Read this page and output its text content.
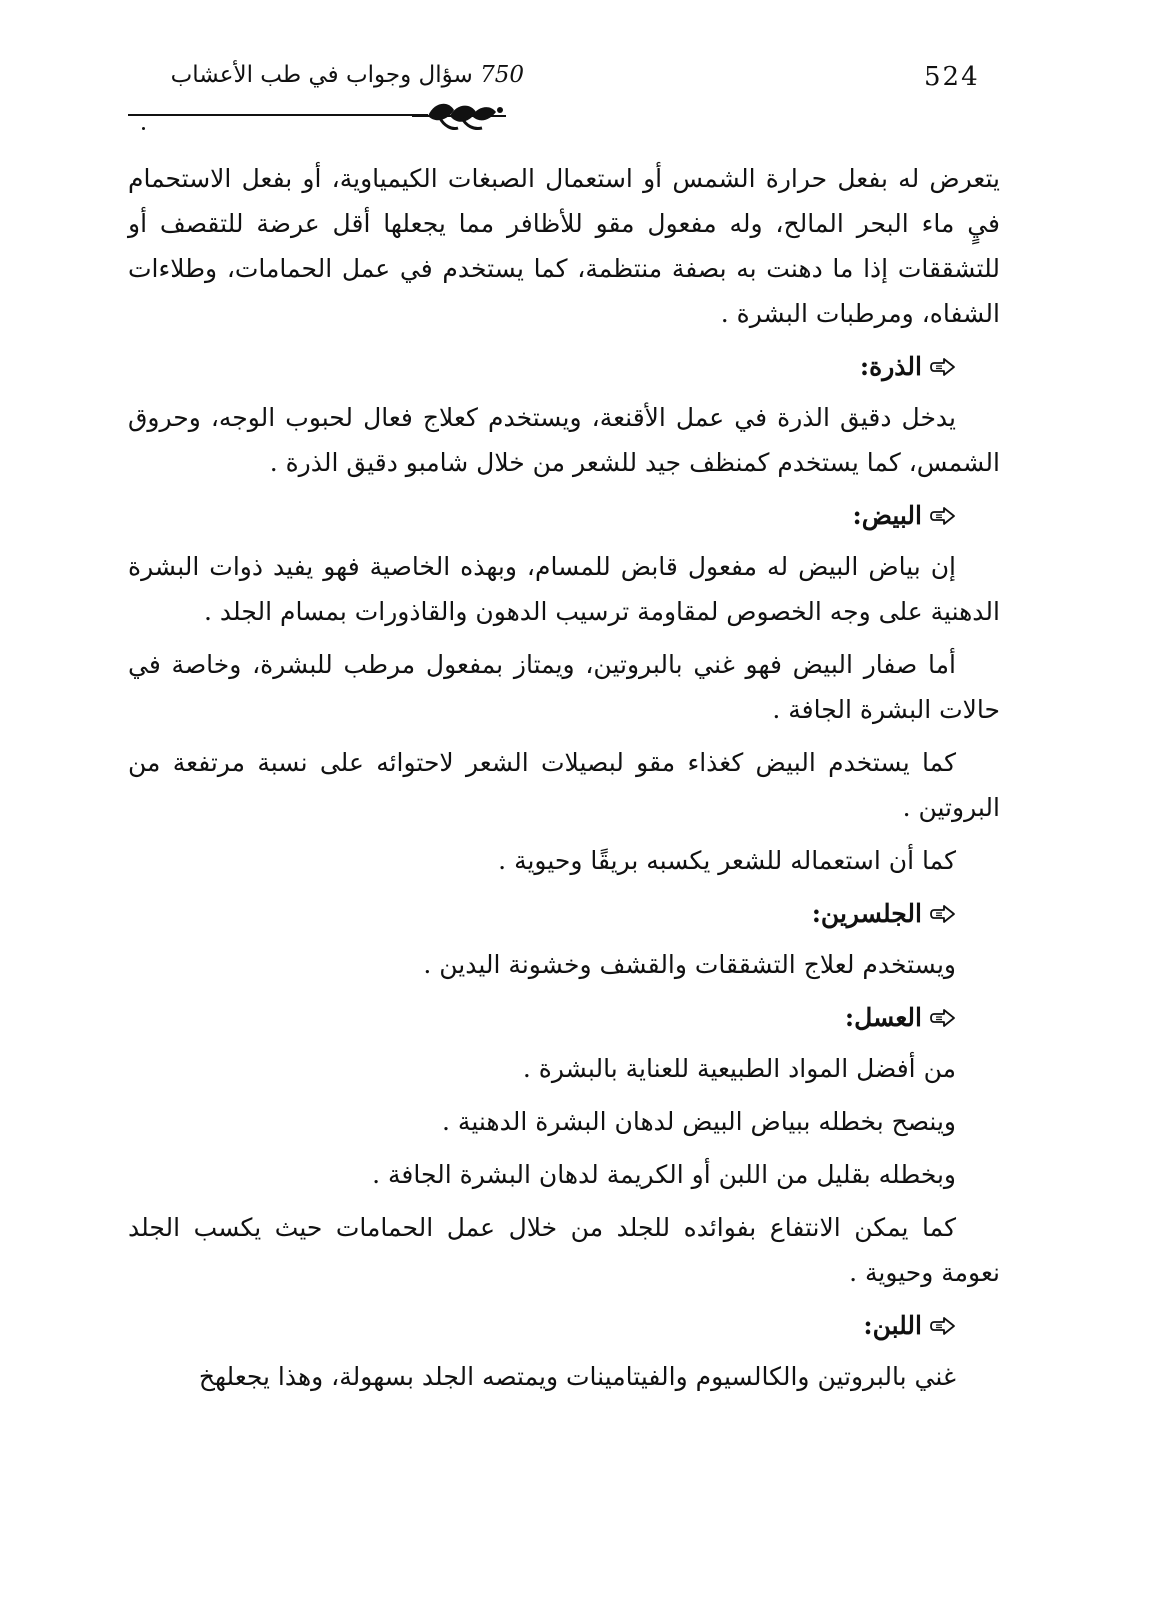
524
750 سؤال وجواب في طب الأعشاب

يتعرض له بفعل حرارة الشمس أو استعمال الصبغات الكيمياوية، أو بفعل الاستحمام فيٍ ماء البحر المالح، وله مفعول مقو للأظافر مما يجعلها أقل عرضة للتقصف أو للتشققات إذا ما دهنت به بصفة منتظمة، كما يستخدم في عمل الحمامات، وطلاءات الشفاه، ومرطبات البشرة .

الذرة:

يدخل دقيق الذرة في عمل الأقنعة، ويستخدم كعلاج فعال لحبوب الوجه، وحروق الشمس، كما يستخدم كمنظف جيد للشعر من خلال شامبو دقيق الذرة .

البيض:

إن بياض البيض له مفعول قابض للمسام، وبهذه الخاصية فهو يفيد ذوات البشرة الدهنية على وجه الخصوص لمقاومة ترسيب الدهون والقاذورات بمسام الجلد .

أما صفار البيض فهو غني بالبروتين، ويمتاز بمفعول مرطب للبشرة، وخاصة في حالات البشرة الجافة .

كما يستخدم البيض كغذاء مقو لبصيلات الشعر لاحتوائه على نسبة مرتفعة من البروتين .

كما أن استعماله للشعر يكسبه بريقًا وحيوية .

الجلسرين:

ويستخدم لعلاج التشققات والقشف وخشونة اليدين .

العسل:

من أفضل المواد الطبيعية للعناية بالبشرة .

وينصح بخطله ببياض البيض لدهان البشرة الدهنية .

وبخطله بقليل من اللبن أو الكريمة لدهان البشرة الجافة .

كما يمكن الانتفاع بفوائده للجلد من خلال عمل الحمامات حيث يكسب الجلد نعومة وحيوية .

اللبن:

غني بالبروتين والكالسيوم والفيتامينات ويمتصه الجلد بسهولة، وهذا يجعلهخ
